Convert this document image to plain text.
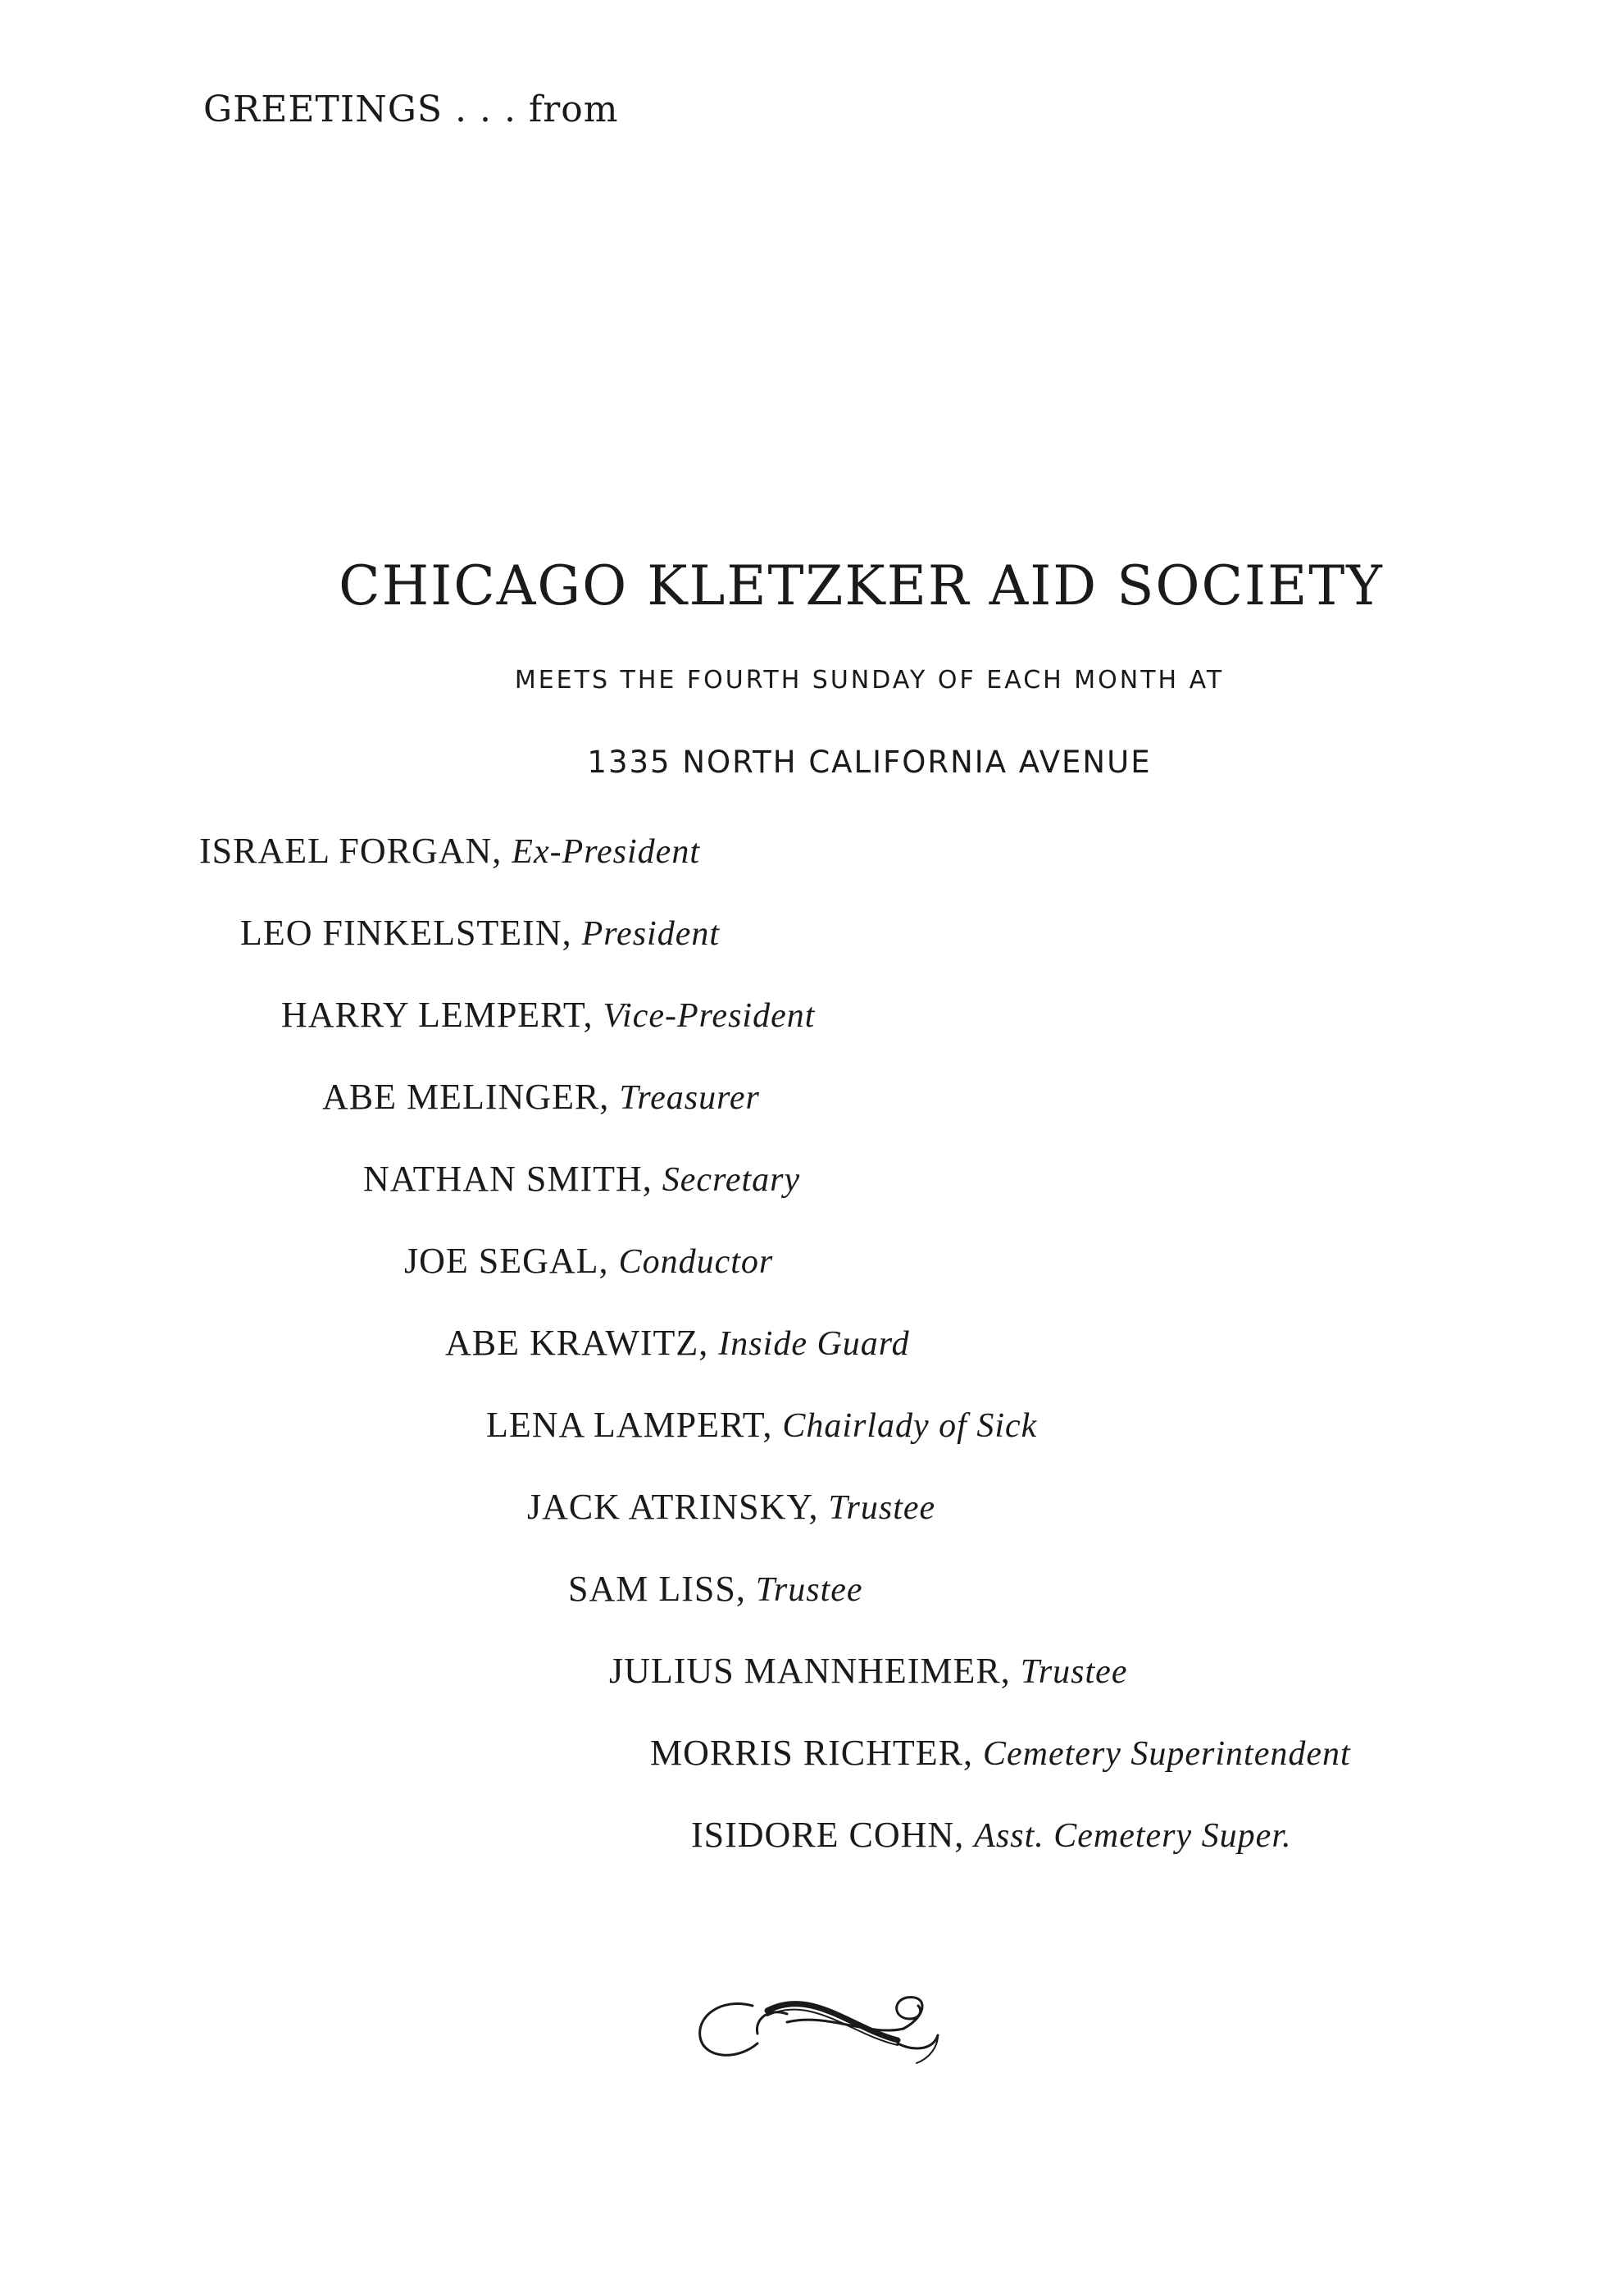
GREETINGS . . . from
CHICAGO KLETZKER AID SOCIETY
MEETS THE FOURTH SUNDAY OF EACH MONTH AT
1335 NORTH CALIFORNIA AVENUE
ISRAEL FORGAN, Ex-President
LEO FINKELSTEIN, President
HARRY LEMPERT, Vice-President
ABE MELINGER, Treasurer
NATHAN SMITH, Secretary
JOE SEGAL, Conductor
ABE KRAWITZ, Inside Guard
LENA LAMPERT, Chairlady of Sick
JACK ATRINSKY, Trustee
SAM LISS, Trustee
JULIUS MANNHEIMER, Trustee
MORRIS RICHTER, Cemetery Superintendent
ISIDORE COHN, Asst. Cemetery Super.
